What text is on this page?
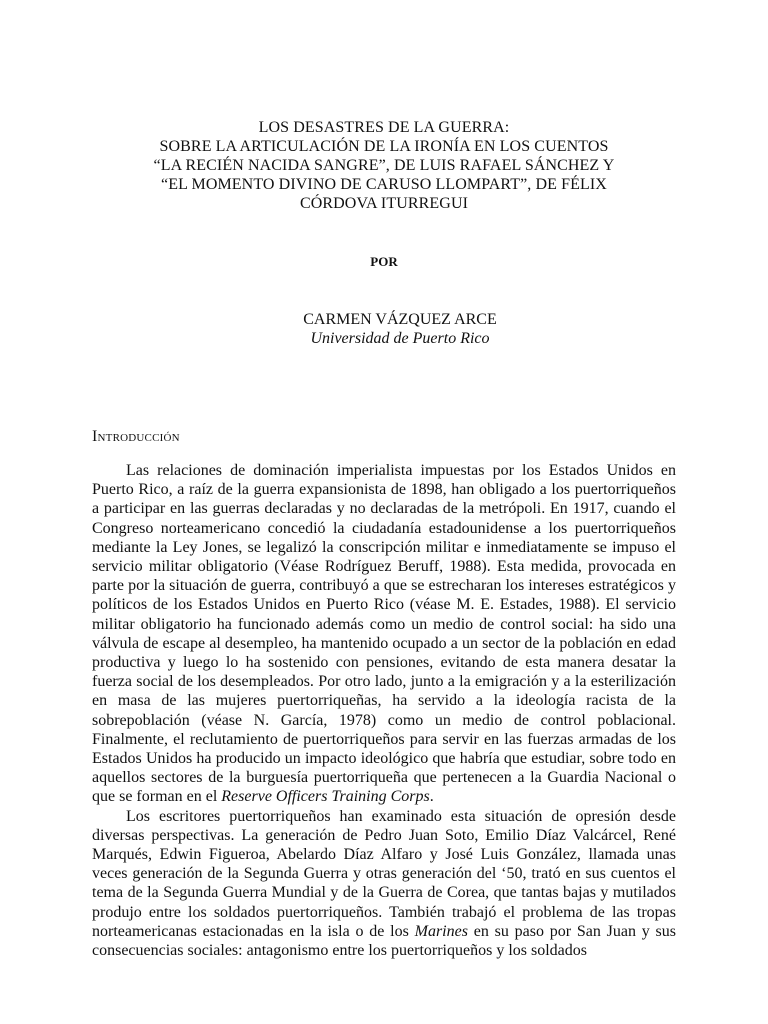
LOS DESASTRES DE LA GUERRA:
SOBRE LA ARTICULACIÓN DE LA IRONÍA EN LOS CUENTOS
“LA RECIÉN NACIDA SANGRE”, DE LUIS RAFAEL SÁNCHEZ Y
“EL MOMENTO DIVINO DE CARUSO LLOMPART”, DE FÉLIX
CÓRDOVA ITURREGUI
POR
CARMEN VÁZQUEZ ARCE
Universidad de Puerto Rico
Introducción

Las relaciones de dominación imperialista impuestas por los Estados Unidos en Puerto Rico, a raíz de la guerra expansionista de 1898, han obligado a los puertorriqueños a participar en las guerras declaradas y no declaradas de la metrópoli. En 1917, cuando el Congreso norteamericano concedió la ciudadanía estadounidense a los puertorriqueños mediante la Ley Jones, se legalizó la conscripción militar e inmediatamente se impuso el servicio militar obligatorio (Véase Rodríguez Beruff, 1988). Esta medida, provocada en parte por la situación de guerra, contribuyó a que se estrecharan los intereses estratégicos y políticos de los Estados Unidos en Puerto Rico (véase M. E. Estades, 1988). El servicio militar obligatorio ha funcionado además como un medio de control social: ha sido una válvula de escape al desempleo, ha mantenido ocupado a un sector de la población en edad productiva y luego lo ha sostenido con pensiones, evitando de esta manera desatar la fuerza social de los desempleados. Por otro lado, junto a la emigración y a la esterilización en masa de las mujeres puertorriqueñas, ha servido a la ideología racista de la sobrepoblación (véase N. García, 1978) como un medio de control poblacional. Finalmente, el reclutamiento de puertorriqueños para servir en las fuerzas armadas de los Estados Unidos ha producido un impacto ideológico que habría que estudiar, sobre todo en aquellos sectores de la burguesía puertorriqueña que pertenecen a la Guardia Nacional o que se forman en el Reserve Officers Training Corps.

Los escritores puertorriqueños han examinado esta situación de opresión desde diversas perspectivas. La generación de Pedro Juan Soto, Emilio Díaz Valcárcel, René Marqués, Edwin Figueroa, Abelardo Díaz Alfaro y José Luis González, llamada unas veces generación de la Segunda Guerra y otras generación del ‘50, trató en sus cuentos el tema de la Segunda Guerra Mundial y de la Guerra de Corea, que tantas bajas y mutilados produjo entre los soldados puertorriqueños. También trabajó el problema de las tropas norteamericanas estacionadas en la isla o de los Marines en su paso por San Juan y sus consecuencias sociales: antagonismo entre los puertorriqueños y los soldados
